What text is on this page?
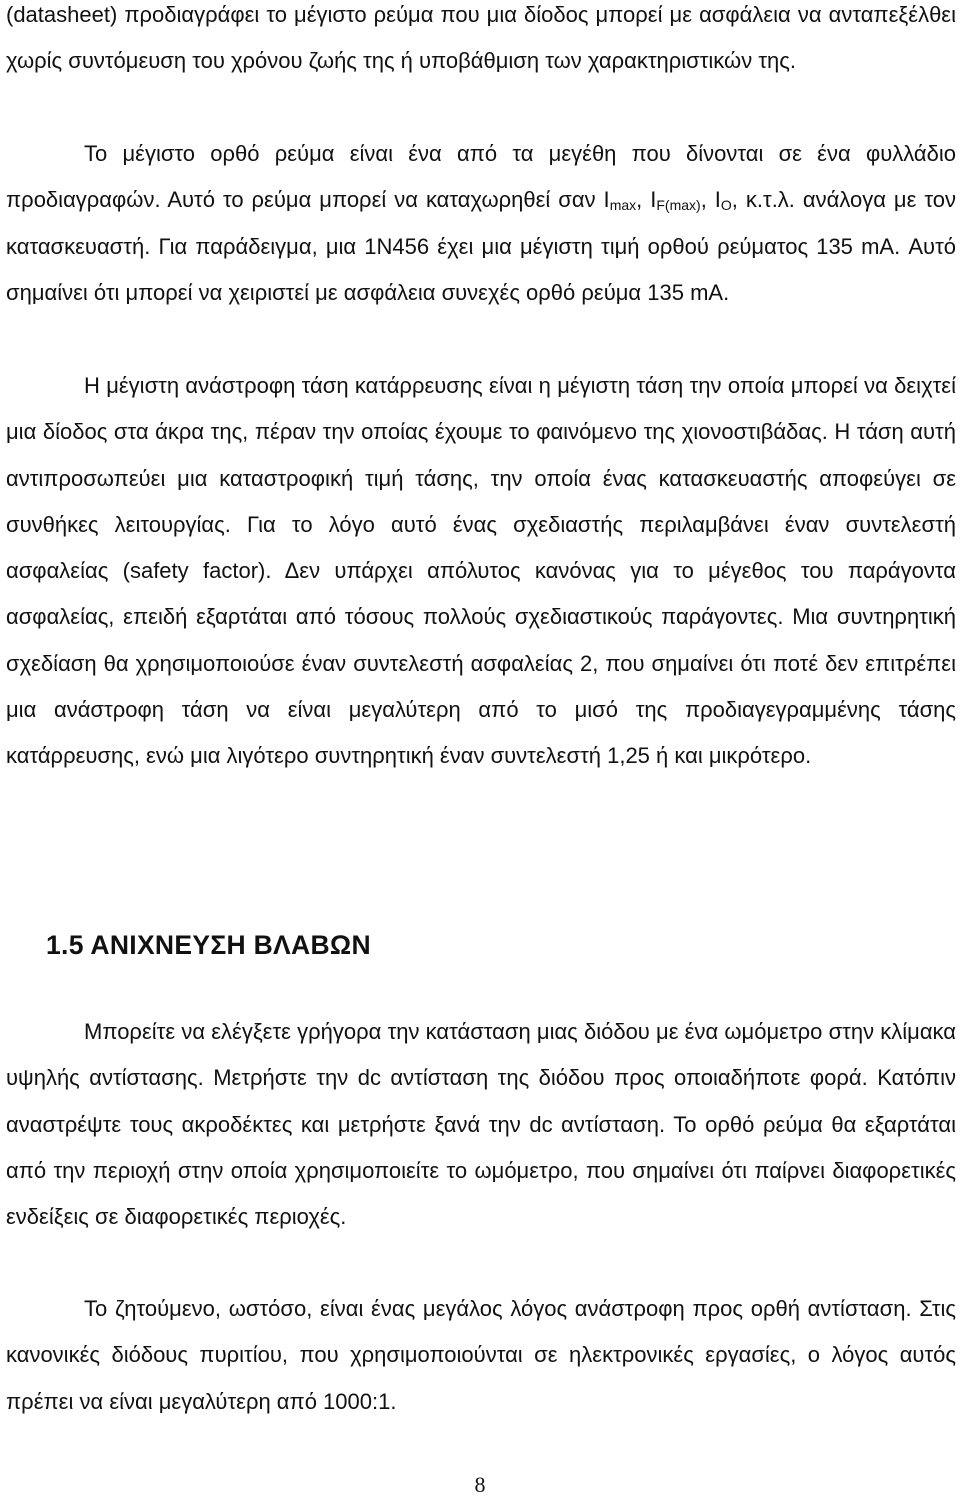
(datasheet) προδιαγράφει το μέγιστο ρεύμα που μια δίοδος μπορεί με ασφάλεια να ανταπεξέλθει χωρίς συντόμευση του χρόνου ζωής της ή υποβάθμιση των χαρακτηριστικών της.

Το μέγιστο ορθό ρεύμα είναι ένα από τα μεγέθη που δίνονται σε ένα φυλλάδιο προδιαγραφών. Αυτό το ρεύμα μπορεί να καταχωρηθεί σαν $I_{max}$, $I_{F(max)}$, $I_O$, κ.τ.λ. ανάλογα με τον κατασκευαστή. Για παράδειγμα, μια 1N456 έχει μια μέγιστη τιμή ορθού ρεύματος 135 mA. Αυτό σημαίνει ότι μπορεί να χειριστεί με ασφάλεια συνεχές ορθό ρεύμα 135 mA.

Η μέγιστη ανάστροφη τάση κατάρρευσης είναι η μέγιστη τάση την οποία μπορεί να δειχτεί μια δίοδος στα άκρα της, πέραν την οποίας έχουμε το φαινόμενο της χιονοστιβάδας. Η τάση αυτή αντιπροσωπεύει μια καταστροφική τιμή τάσης, την οποία ένας κατασκευαστής αποφεύγει σε συνθήκες λειτουργίας. Για το λόγο αυτό ένας σχεδιαστής περιλαμβάνει έναν συντελεστή ασφαλείας (safety factor). Δεν υπάρχει απόλυτος κανόνας για το μέγεθος του παράγοντα ασφαλείας, επειδή εξαρτάται από τόσους πολλούς σχεδιαστικούς παράγοντες. Μια συντηρητική σχεδίαση θα χρησιμοποιούσε έναν συντελεστή ασφαλείας 2, που σημαίνει ότι ποτέ δεν επιτρέπει μια ανάστροφη τάση να είναι μεγαλύτερη από το μισό της προδιαγεγραμμένης τάσης κατάρρευσης, ενώ μια λιγότερο συντηρητική έναν συντελεστή 1,25 ή και μικρότερο.

1.5 ΑΝΙΧΝΕΥΣΗ ΒΛΑΒΩΝ

Μπορείτε να ελέγξετε γρήγορα την κατάσταση μιας διόδου με ένα ωμόμετρο στην κλίμακα υψηλής αντίστασης. Μετρήστε την dc αντίσταση της διόδου προς οποιαδήποτε φορά. Κατόπιν αναστρέψτε τους ακροδέκτες και μετρήστε ξανά την dc αντίσταση. Το ορθό ρεύμα θα εξαρτάται από την περιοχή στην οποία χρησιμοποιείτε το ωμόμετρο, που σημαίνει ότι παίρνει διαφορετικές ενδείξεις σε διαφορετικές περιοχές.

Το ζητούμενο, ωστόσο, είναι ένας μεγάλος λόγος ανάστροφη προς ορθή αντίσταση. Στις κανονικές διόδους πυριτίου, που χρησιμοποιούνται σε ηλεκτρονικές εργασίες, ο λόγος αυτός πρέπει να είναι μεγαλύτερη από 1000:1.

8
